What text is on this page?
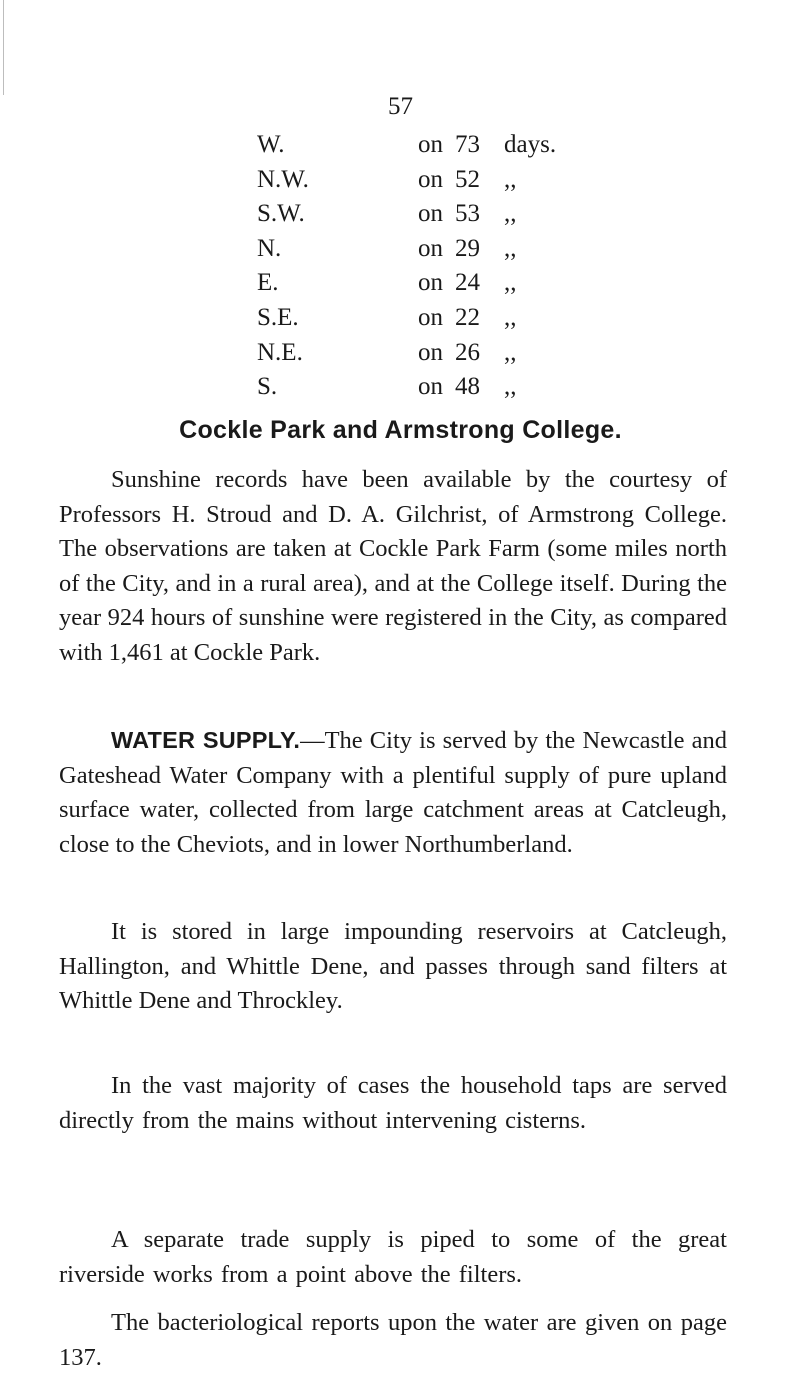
57
W.	on 73 days.
N.W.	on 52 ,,
S.W.	on 53 ,,
N.	on 29 ,,
E.	on 24 ,,
S.E.	on 22 ,,
N.E.	on 26 ,,
S.	on 48 ,,
Cockle Park and Armstrong College.
Sunshine records have been available by the courtesy of Professors H. Stroud and D. A. Gilchrist, of Armstrong College. The observations are taken at Cockle Park Farm (some miles north of the City, and in a rural area), and at the College itself. During the year 924 hours of sunshine were registered in the City, as compared with 1,461 at Cockle Park.
WATER SUPPLY.—The City is served by the Newcastle and Gateshead Water Company with a plentiful supply of pure upland surface water, collected from large catchment areas at Catcleugh, close to the Cheviots, and in lower Northumberland.
It is stored in large impounding reservoirs at Catcleugh, Hallington, and Whittle Dene, and passes through sand filters at Whittle Dene and Throckley.
In the vast majority of cases the household taps are served directly from the mains without intervening cisterns.
A separate trade supply is piped to some of the great riverside works from a point above the filters.
The bacteriological reports upon the water are given on page 137.
